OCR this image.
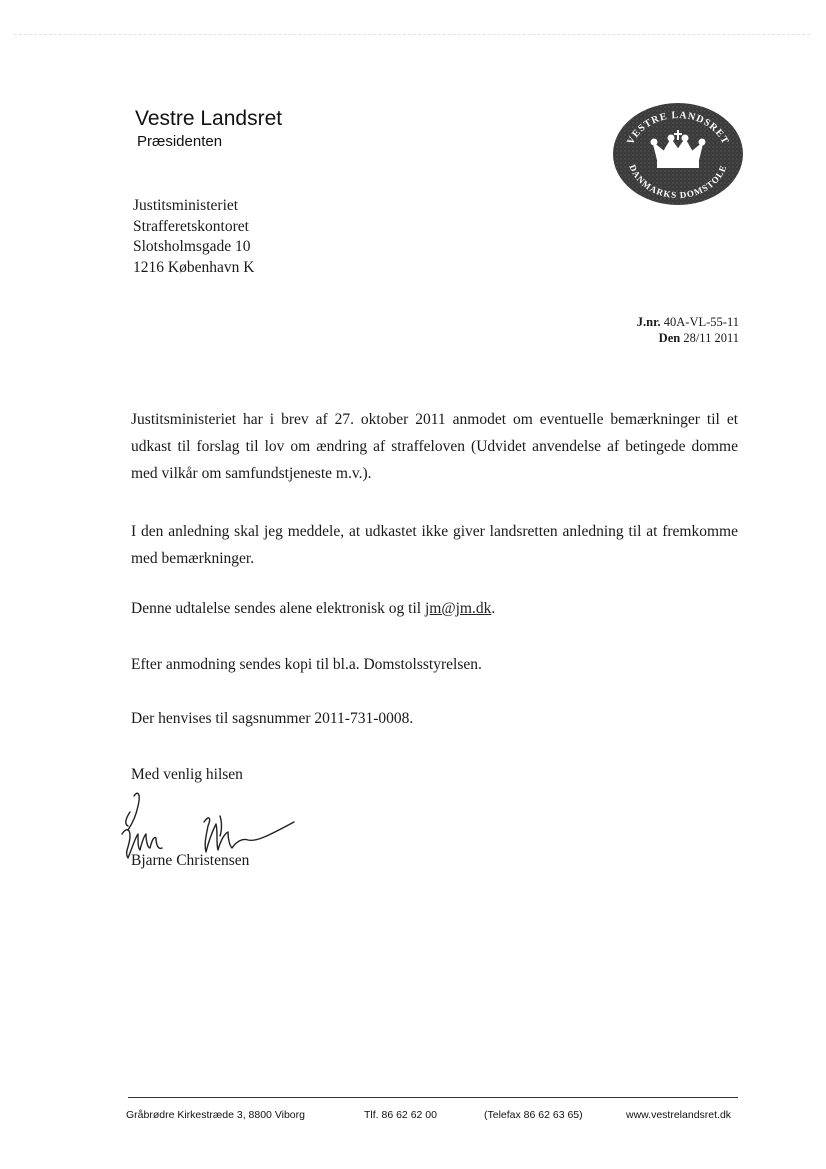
Vestre Landsret
Præsidenten	VESTRE LANDSRET
DANMARKS DOMSTOLE
Justitsministeriet
Strafferetskontoret
Slotsholmsgade 10
1216 København K
J.nr. 40A-VL-55-11
Den 28/11 2011
Justitsministeriet har i brev af 27. oktober 2011 anmodet om eventuelle bemærkninger til et udkast til forslag til lov om ændring af straffeloven (Udvidet anvendelse af betingede domme med vilkår om samfundstjeneste m.v.).
I den anledning skal jeg meddele, at udkastet ikke giver landsretten anledning til at fremkomme med bemærkninger.
Denne udtalelse sendes alene elektronisk og til jm@jm.dk.
Efter anmodning sendes kopi til bl.a. Domstolsstyrelsen.
Der henvises til sagsnummer 2011-731-0008.
Med venlig hilsen
Bjarne Christensen
Gråbrødre Kirkestræde 3, 8800 Viborg	Tlf. 86 62 62 00	(Telefax 86 62 63 65)	www.vestrelandsret.dk
